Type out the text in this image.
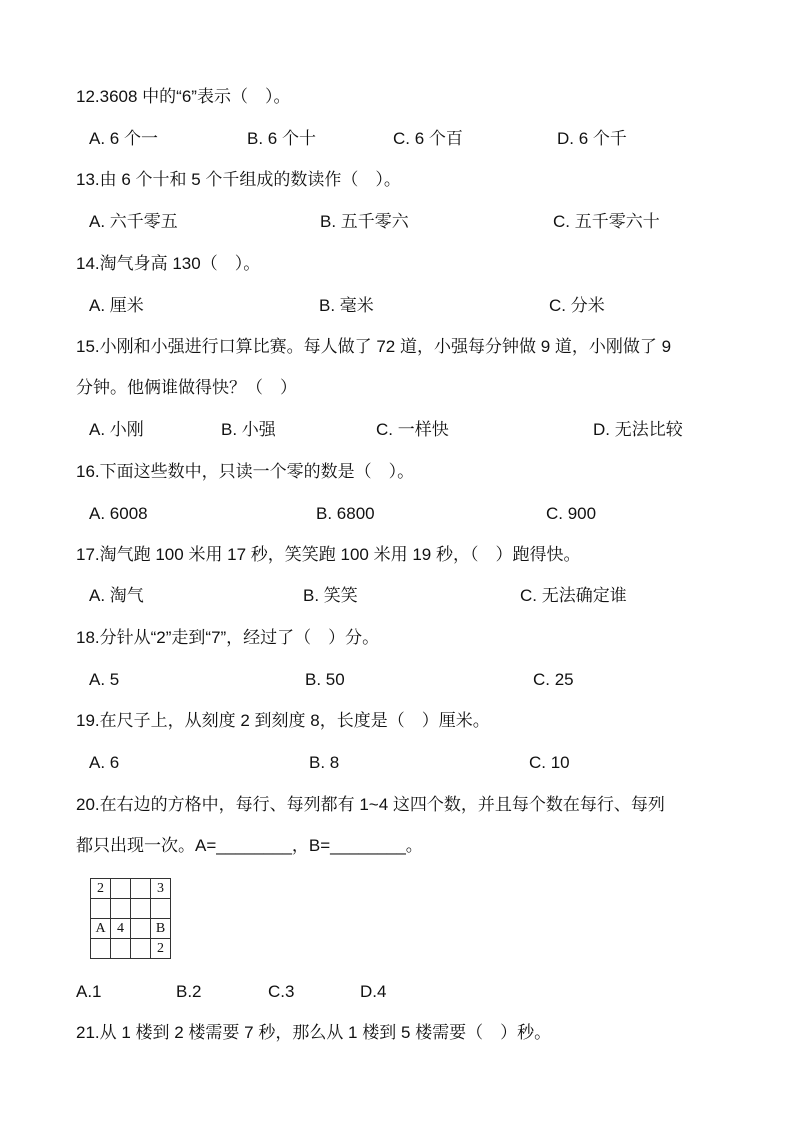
12.3608 中的“6”表示（　）。
A. 6 个一	B. 6 个十	C. 6 个百	D. 6 个千
13.由 6 个十和 5 个千组成的数读作（　）。
A. 六千零五	B. 五千零六	C. 五千零六十
14.淘气身高 130（　）。
A. 厘米	B. 毫米	C. 分米
15.小刚和小强进行口算比赛。每人做了 72 道，小强每分钟做 9 道，小刚做了 9
分钟。他俩谁做得快？（　）
A. 小刚	B. 小强	C. 一样快	D. 无法比较
16.下面这些数中，只读一个零的数是（　）。
A. 6008	B. 6800	C. 900
17.淘气跑 100 米用 17 秒，笑笑跑 100 米用 19 秒，（　）跑得快。
A. 淘气	B. 笑笑	C. 无法确定谁
18.分针从“2”走到“7”，经过了（　）分。
A. 5	B. 50	C. 25
19.在尺子上，从刻度 2 到刻度 8，长度是（　）厘米。
A. 6	B. 8	C. 10
20.在右边的方格中，每行、每列都有 1~4 这四个数，并且每个数在每行、每列
都只出现一次。A=________，B=________。
2			3

A	4		B
			2
A.1	B.2	C.3	D.4
21.从 1 楼到 2 楼需要 7 秒，那么从 1 楼到 5 楼需要（　）秒。
